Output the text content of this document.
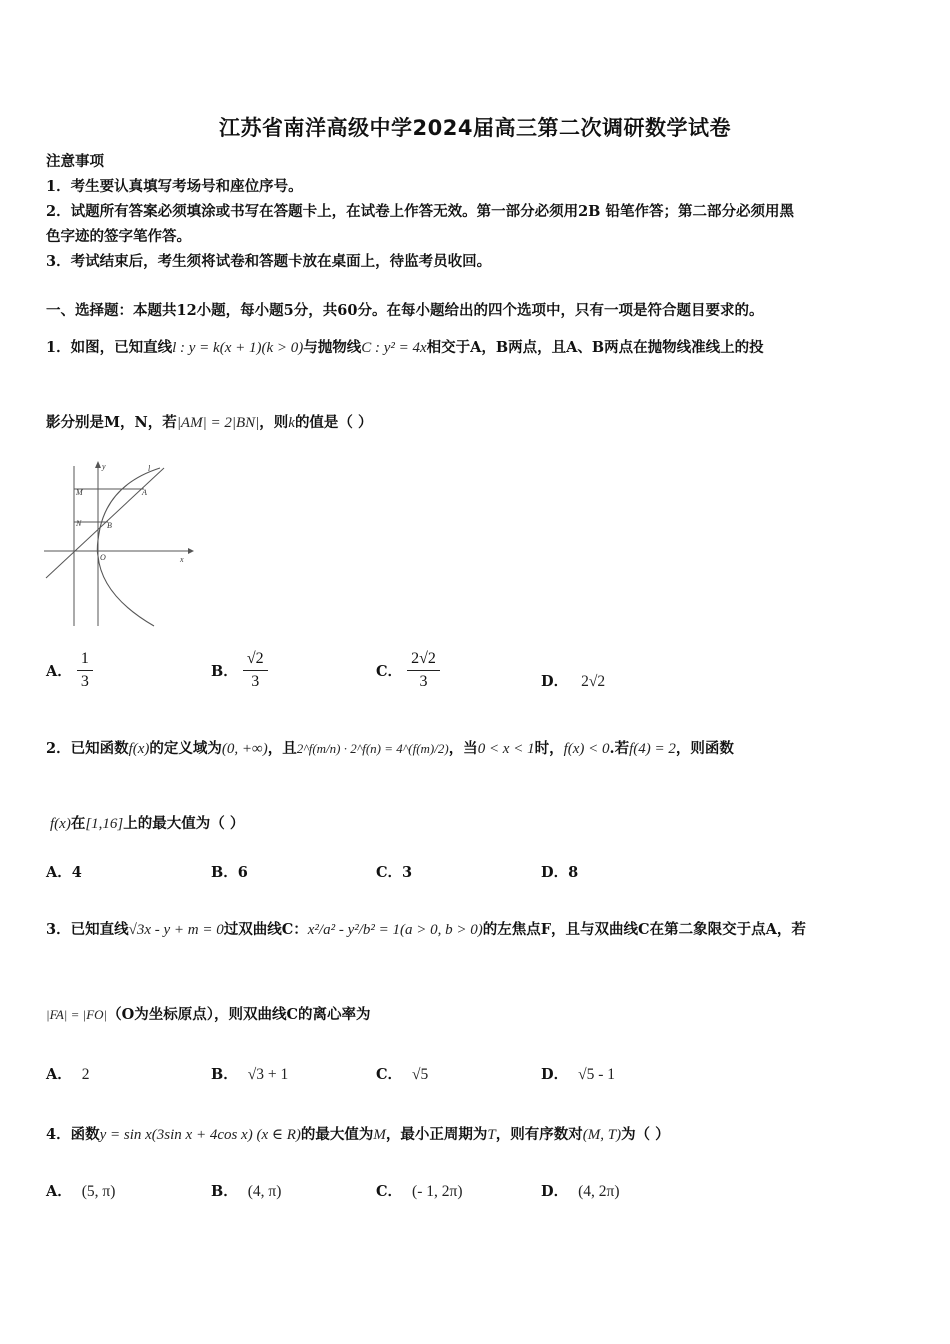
江苏省南洋高级中学2024届高三第二次调研数学试卷
注意事项
1．考生要认真填写考场号和座位序号。
2．试题所有答案必须填涂或书写在答题卡上，在试卷上作答无效。第一部分必须用2B 铅笔作答；第二部分必须用黑
色字迹的签字笔作答。
3．考试结束后，考生须将试卷和答题卡放在桌面上，待监考员收回。
一、选择题：本题共12小题，每小题5分，共60分。在每小题给出的四个选项中，只有一项是符合题目要求的。
1．如图，已知直线l : y = k(x + 1)(k > 0)与抛物线C : y² = 4x相交于A，B两点，且A、B两点在抛物线准线上的投
影分别是M，N，若|AM| = 2|BN|，则k的值是（ ）
y
x
l
M
N
A
B
O
A． $\frac{1}{3}$	B． $\frac{√2}{3}$	C． $\frac{2√2}{3}$	D． 2√2
2．已知函数f(x)的定义域为(0, +∞)，且2^f(m/n) · 2^f(n) = 4^(f(m)/2)，当0 < x < 1时，f(x) < 0.若f(4) = 2，则函数
f(x)在[1,16]上的最大值为（ ）
A．4	B．6	C．3	D．8
3．已知直线√3x - y + m = 0过双曲线C：x²/a² - y²/b² = 1(a > 0, b > 0)的左焦点F，且与双曲线C在第二象限交于点A，若
|FA| = |FO|（O为坐标原点），则双曲线C的离心率为
A． 2	B． √3 + 1	C． √5	D． √5 - 1
4．函数y = sin x(3sin x + 4cos x) (x ∈ R)的最大值为M，最小正周期为T，则有序数对(M, T)为（ ）
A． (5, π)	B． (4, π)	C． (- 1, 2π)	D． (4, 2π)
